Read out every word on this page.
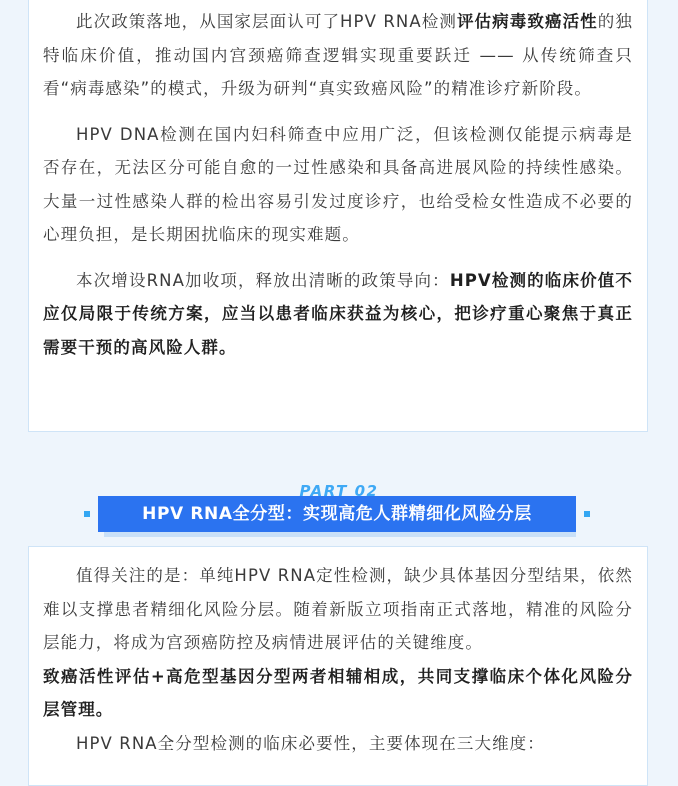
此次政策落地，从国家层面认可了HPV RNA检测评估病毒致癌活性的独特临床价值，推动国内宫颈癌筛查逻辑实现重要跃迁 —— 从传统筛查只看“病毒感染”的模式，升级为研判“真实致癌风险”的精准诊疗新阶段。

HPV DNA检测在国内妇科筛查中应用广泛，但该检测仅能提示病毒是否存在，无法区分可能自愈的一过性感染和具备高进展风险的持续性感染。大量一过性感染人群的检出容易引发过度诊疗，也给受检女性造成不必要的心理负担，是长期困扰临床的现实难题。

本次增设RNA加收项，释放出清晰的政策导向：HPV检测的临床价值不应仅局限于传统方案，应当以患者临床获益为核心，把诊疗重心聚焦于真正需要干预的高风险人群。

PART 02
HPV RNA全分型：实现高危人群精细化风险分层

值得关注的是：单纯HPV RNA定性检测，缺少具体基因分型结果，依然难以支撑患者精细化风险分层。随着新版立项指南正式落地，精准的风险分层能力，将成为宫颈癌防控及病情进展评估的关键维度。

致癌活性评估+高危型基因分型两者相辅相成，共同支撑临床个体化风险分层管理。

HPV RNA全分型检测的临床必要性，主要体现在三大维度：
